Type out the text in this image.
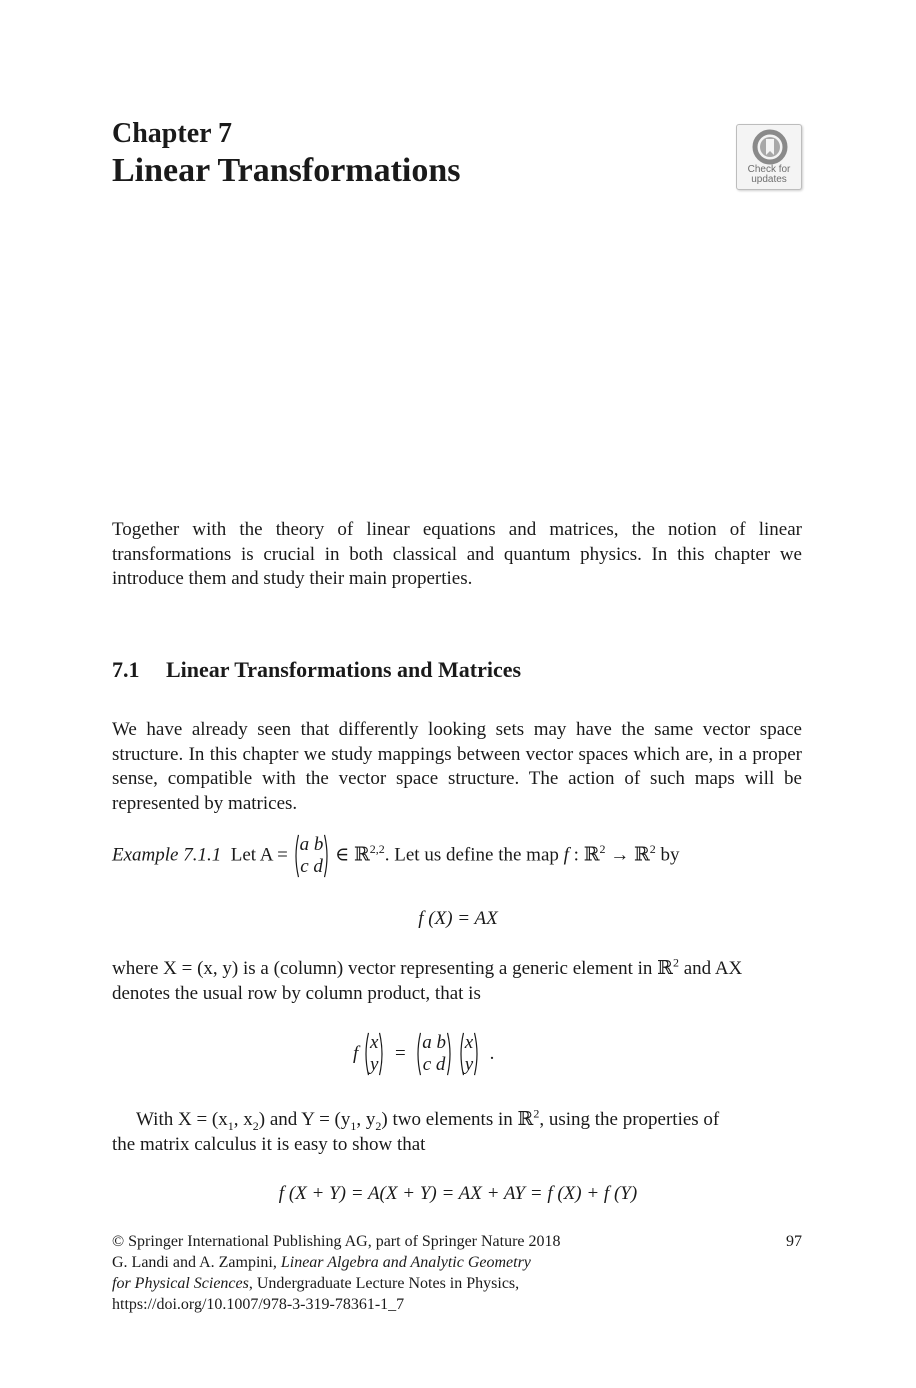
Chapter 7
Linear Transformations	Check for
updates
Together with the theory of linear equations and matrices, the notion of linear transformations is crucial in both classical and quantum physics. In this chapter we introduce them and study their main properties.
7.1 Linear Transformations and Matrices
We have already seen that differently looking sets may have the same vector space structure. In this chapter we study mappings between vector spaces which are, in a proper sense, compatible with the vector space structure. The action of such maps will be represented by matrices.
Example 7.1.1 Let A = a b
c d
∈ ℝ$^{2,2}$. Let us define the map f : ℝ$^2$ → ℝ$^2$ by
f (X) = AX
where X = (x, y) is a (column) vector representing a generic element in ℝ$^2$ and AX
denotes the usual row by column product, that is
f
x
y
=
a b
c d

x
y
.
With $X = (x_1$, $x_2$) and $Y = (y_1$, $y_2$) two elements in ℝ$^2$, using the properties of
the matrix calculus it is easy to show that
f (X + Y) = A(X + Y) = AX + AY = f (X) + f (Y)
© Springer International Publishing AG, part of Springer Nature 2018	97
G. Landi and A. Zampini, Linear Algebra and Analytic Geometry
for Physical Sciences, Undergraduate Lecture Notes in Physics,
https://doi.org/10.1007/978-3-319-78361-1_7
